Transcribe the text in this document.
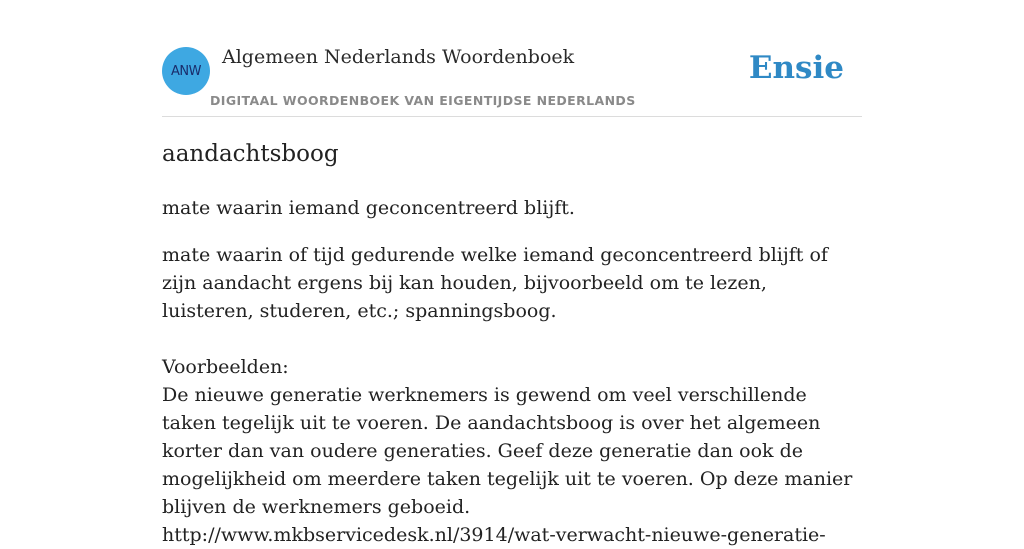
ANW
Algemeen Nederlands Woordenboek
DIGITAAL WOORDENBOEK VAN EIGENTIJDSE NEDERLANDS
Ensie
aandachtsboog

mate waarin iemand geconcentreerd blijft.

mate waarin of tijd gedurende welke iemand geconcentreerd blijft of zijn aandacht ergens bij kan houden, bijvoorbeeld om te lezen, luisteren, studeren, etc.; spanningsboog.

Voorbeelden:

De nieuwe generatie werknemers is gewend om veel verschillende taken tegelijk uit te voeren. De aandachtsboog is over het algemeen korter dan van oudere generaties. Geef deze generatie dan ook de mogelijkheid om meerdere taken tegelijk uit te voeren. Op deze manier blijven de werknemers geboeid. http://www.mkbservicedesk.nl/3914/wat-verwacht-nieuwe-generatie-
